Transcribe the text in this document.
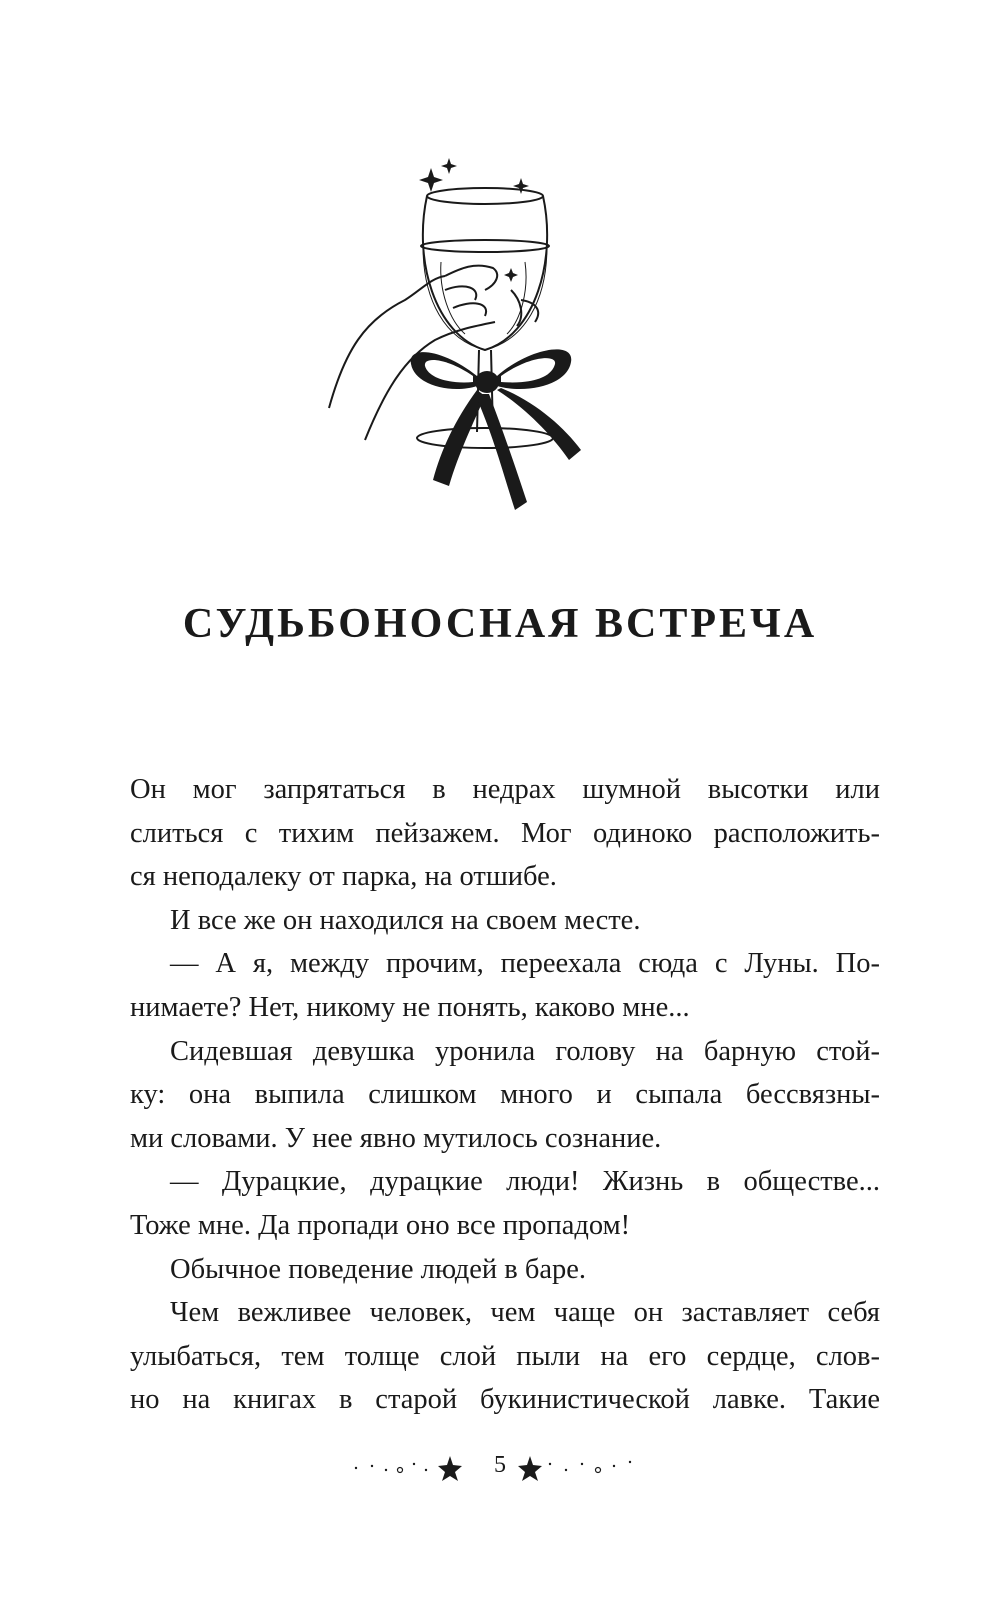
СУДЬБОНОСНАЯ ВСТРЕЧА
Он мог запрятаться в недрах шумной высотки или
слиться с тихим пейзажем. Мог одиноко расположить-
ся неподалеку от парка, на отшибе.
И все же он находился на своем месте.
— А я, между прочим, переехала сюда с Луны. По-
нимаете? Нет, никому не понять, каково мне...
Сидевшая девушка уронила голову на барную стой-
ку: она выпила слишком много и сыпала бессвязны-
ми словами. У нее явно мутилось сознание.
— Дурацкие, дурацкие люди! Жизнь в обществе...
Тоже мне. Да пропади оно все пропадом!
Обычное поведение людей в баре.
Чем вежливее человек, чем чаще он заставляет себя
улыбаться, тем толще слой пыли на его сердце, слов-
но на книгах в старой букинистической лавке. Такие
5
